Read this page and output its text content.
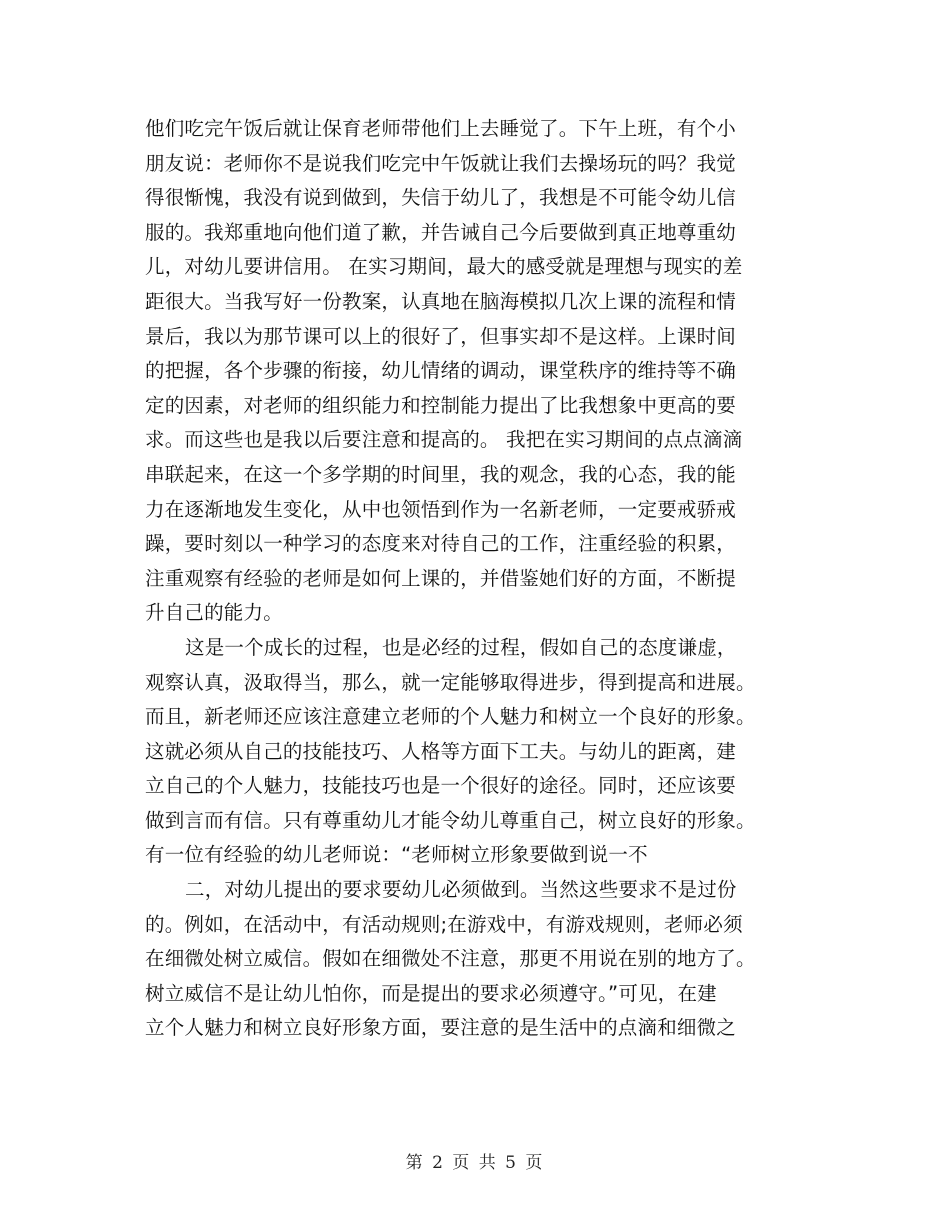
他们吃完午饭后就让保育老师带他们上去睡觉了。下午上班，有个小
朋友说：老师你不是说我们吃完中午饭就让我们去操场玩的吗？我觉
得很惭愧，我没有说到做到，失信于幼儿了，我想是不可能令幼儿信
服的。我郑重地向他们道了歉，并告诫自己今后要做到真正地尊重幼
儿，对幼儿要讲信用。 在实习期间，最大的感受就是理想与现实的差
距很大。当我写好一份教案，认真地在脑海模拟几次上课的流程和情
景后，我以为那节课可以上的很好了，但事实却不是这样。上课时间
的把握，各个步骤的衔接，幼儿情绪的调动，课堂秩序的维持等不确
定的因素，对老师的组织能力和控制能力提出了比我想象中更高的要
求。而这些也是我以后要注意和提高的。 我把在实习期间的点点滴滴
串联起来，在这一个多学期的时间里，我的观念，我的心态，我的能
力在逐渐地发生变化，从中也领悟到作为一名新老师，一定要戒骄戒
躁，要时刻以一种学习的态度来对待自己的工作，注重经验的积累，
注重观察有经验的老师是如何上课的，并借鉴她们好的方面，不断提
升自己的能力。
这是一个成长的过程，也是必经的过程，假如自己的态度谦虚，
观察认真，汲取得当，那么，就一定能够取得进步，得到提高和进展。
而且，新老师还应该注意建立老师的个人魅力和树立一个良好的形象。
这就必须从自己的技能技巧、人格等方面下工夫。与幼儿的距离，建
立自己的个人魅力，技能技巧也是一个很好的途径。同时，还应该要
做到言而有信。只有尊重幼儿才能令幼儿尊重自己，树立良好的形象。
有一位有经验的幼儿老师说：“老师树立形象要做到说一不
二，对幼儿提出的要求要幼儿必须做到。当然这些要求不是过份
的。例如，在活动中，有活动规则;在游戏中，有游戏规则，老师必须
在细微处树立威信。假如在细微处不注意，那更不用说在别的地方了。
树立威信不是让幼儿怕你，而是提出的要求必须遵守。”可见，在建
立个人魅力和树立良好形象方面，要注意的是生活中的点滴和细微之
第 2 页 共 5 页
